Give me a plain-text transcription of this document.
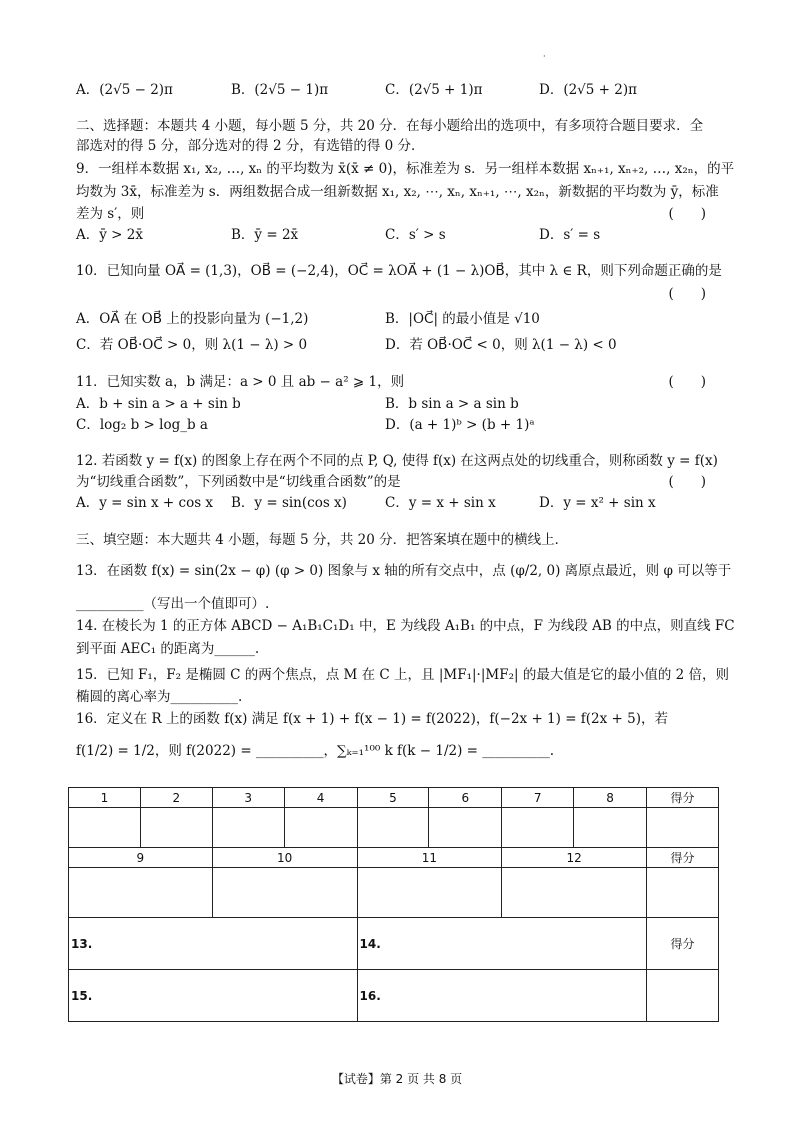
·
A．(2√5 − 2)π	B．(2√5 − 1)π	C．(2√5 + 1)π	D．(2√5 + 2)π
二、选择题：本题共 4 小题，每小题 5 分，共 20 分．在每小题给出的选项中，有多项符合题目要求．全
部选对的得 5 分，部分选对的得 2 分，有选错的得 0 分．
9．一组样本数据 x₁, x₂, …, xₙ 的平均数为 x̄(x̄ ≠ 0)，标准差为 s．另一组样本数据 xₙ₊₁, xₙ₊₂, …, x₂ₙ，的平
均数为 3x̄，标准差为 s．两组数据合成一组新数据 x₁, x₂, ⋯, xₙ, xₙ₊₁, ⋯, x₂ₙ，新数据的平均数为 ȳ，标准
差为 s′，则	(　　)
A．ȳ > 2x̄	B．ȳ = 2x̄	C．s′ > s	D．s′ = s
10．已知向量 OA⃗ = (1,3)，OB⃗ = (−2,4)，OC⃗ = λOA⃗ + (1 − λ)OB⃗，其中 λ ∈ R，则下列命题正确的是
(　　)
A．OA⃗ 在 OB⃗ 上的投影向量为 (−1,2)	B．|OC⃗| 的最小值是 √10
C．若 OB⃗·OC⃗ > 0，则 λ(1 − λ) > 0	D．若 OB⃗·OC⃗ < 0，则 λ(1 − λ) < 0
11．已知实数 a，b 满足：a > 0 且 ab − a² ⩾ 1，则	(　　)
A．b + sin a > a + sin b	B．b sin a > a sin b
C．log₂ b > log_b a	D．(a + 1)ᵇ > (b + 1)ᵃ
12. 若函数 y = f(x) 的图象上存在两个不同的点 P, Q, 使得 f(x) 在这两点处的切线重合，则称函数 y = f(x)
为“切线重合函数”，下列函数中是“切线重合函数”的是	(　　)
A．y = sin x + cos x B．y = sin(cos x)	C．y = x + sin x	D．y = x² + sin x
三、填空题：本大题共 4 小题，每题 5 分，共 20 分．把答案填在题中的横线上．
13．在函数 f(x) = sin(2x − φ) (φ > 0) 图象与 x 轴的所有交点中，点 (φ/2, 0) 离原点最近，则 φ 可以等于
__________（写出一个值即可）.
14. 在棱长为 1 的正方体 ABCD − A₁B₁C₁D₁ 中，E 为线段 A₁B₁ 的中点，F 为线段 AB 的中点，则直线 FC
到平面 AEC₁ 的距离为______.
15．已知 F₁，F₂ 是椭圆 C 的两个焦点，点 M 在 C 上，且 |MF₁|·|MF₂| 的最大值是它的最小值的 2 倍，则
椭圆的离心率为__________.
16．定义在 R 上的函数 f(x) 满足 f(x + 1) + f(x − 1) = f(2022)，f(−2x + 1) = f(2x + 5)，若
f(1/2) = 1/2，则 f(2022) = __________，∑ₖ₌₁¹⁰⁰ k f(k − 1/2) = __________.
1	2	3	4	5	6	7	8	得分

9		10		11		12		得分

13.				14.				得分
15.				16.				
【试卷】第 2 页 共 8 页
